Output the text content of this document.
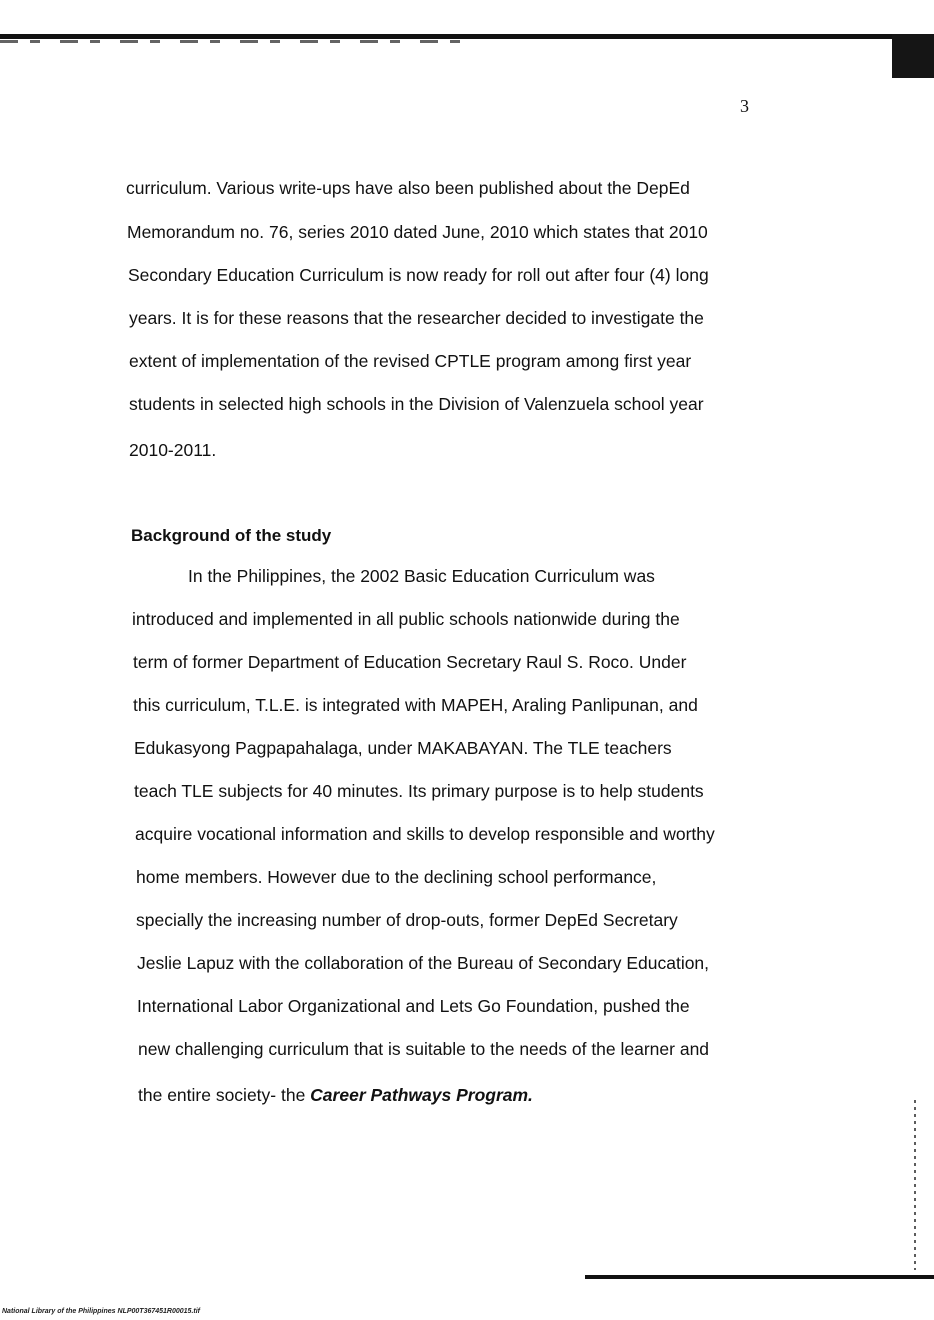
3
curriculum. Various write-ups have also been published about the DepEd
Memorandum no. 76, series 2010 dated June, 2010 which states that 2010
Secondary Education Curriculum is now ready for roll out after four (4) long
years. It is for these reasons that the researcher decided to investigate the
extent of implementation of the revised CPTLE program among first year
students in selected high schools in the Division of Valenzuela school year
2010-2011.
Background of the study
In the Philippines, the 2002 Basic Education Curriculum was
introduced and implemented in all public schools nationwide during the
term of former Department of Education Secretary Raul S. Roco. Under
this curriculum, T.L.E. is integrated with MAPEH, Araling Panlipunan, and
Edukasyong Pagpapahalaga, under MAKABAYAN. The TLE teachers
teach TLE subjects for 40 minutes. Its primary purpose is to help students
acquire vocational information and skills to develop responsible and worthy
home members. However due to the declining school performance,
specially the increasing number of drop-outs, former DepEd Secretary
Jeslie Lapuz with the collaboration of the Bureau of Secondary Education,
International Labor Organizational and Lets Go Foundation, pushed the
new challenging curriculum that is suitable to the needs of the learner and
the entire society- the Career Pathways Program.
National Library of the Philippines NLP00T367451R00015.tif
